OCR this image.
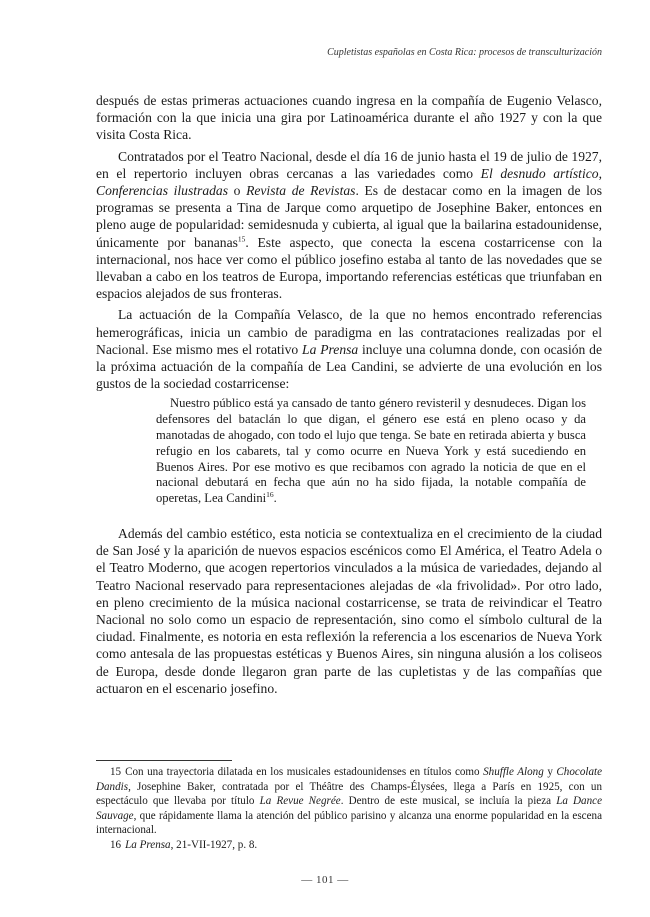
Cupletistas españolas en Costa Rica: procesos de transculturización

después de estas primeras actuaciones cuando ingresa en la compañía de Eugenio Velasco, formación con la que inicia una gira por Latinoamérica durante el año 1927 y con la que visita Costa Rica.

Contratados por el Teatro Nacional, desde el día 16 de junio hasta el 19 de julio de 1927, en el repertorio incluyen obras cercanas a las variedades como El desnudo artístico, Conferencias ilustradas o Revista de Revistas. Es de destacar como en la imagen de los programas se presenta a Tina de Jarque como arquetipo de Josephine Baker, entonces en pleno auge de popularidad: semidesnuda y cubierta, al igual que la bailarina estadounidense, únicamente por bananas$^{15}$. Este aspecto, que conecta la escena costarricense con la internacional, nos hace ver como el público josefino estaba al tanto de las novedades que se llevaban a cabo en los teatros de Europa, importando referencias estéticas que triunfaban en espacios alejados de sus fronteras.

La actuación de la Compañía Velasco, de la que no hemos encontrado referencias hemerográficas, inicia un cambio de paradigma en las contrataciones realizadas por el Nacional. Ese mismo mes el rotativo La Prensa incluye una columna donde, con ocasión de la próxima actuación de la compañía de Lea Candini, se advierte de una evolución en los gustos de la sociedad costarricense:

Nuestro público está ya cansado de tanto género revisteril y desnudeces. Digan los defensores del bataclán lo que digan, el género ese está en pleno ocaso y da manotadas de ahogado, con todo el lujo que tenga. Se bate en retirada abierta y busca refugio en los cabarets, tal y como ocurre en Nueva York y está sucediendo en Buenos Aires. Por ese motivo es que recibamos con agrado la noticia de que en el nacional debutará en fecha que aún no ha sido fijada, la notable compañía de operetas, Lea Candini$^{16}$.

Además del cambio estético, esta noticia se contextualiza en el crecimiento de la ciudad de San José y la aparición de nuevos espacios escénicos como El América, el Teatro Adela o el Teatro Moderno, que acogen repertorios vinculados a la música de variedades, dejando al Teatro Nacional reservado para representaciones alejadas de «la frivolidad». Por otro lado, en pleno crecimiento de la música nacional costarricense, se trata de reivindicar el Teatro Nacional no solo como un espacio de representación, sino como el símbolo cultural de la ciudad. Finalmente, es notoria en esta reflexión la referencia a los escenarios de Nueva York como antesala de las propuestas estéticas y Buenos Aires, sin ninguna alusión a los coliseos de Europa, desde donde llegaron gran parte de las cupletistas y de las compañías que actuaron en el escenario josefino.

15 Con una trayectoria dilatada en los musicales estadounidenses en títulos como Shuffle Along y Chocolate Dandis, Josephine Baker, contratada por el Théâtre des Champs-Élysées, llega a París en 1925, con un espectáculo que llevaba por título La Revue Negrée. Dentro de este musical, se incluía la pieza La Dance Sauvage, que rápidamente llama la atención del público parisino y alcanza una enorme popularidad en la escena internacional.

16 La Prensa, 21-VII-1927, p. 8.

— 101 —
